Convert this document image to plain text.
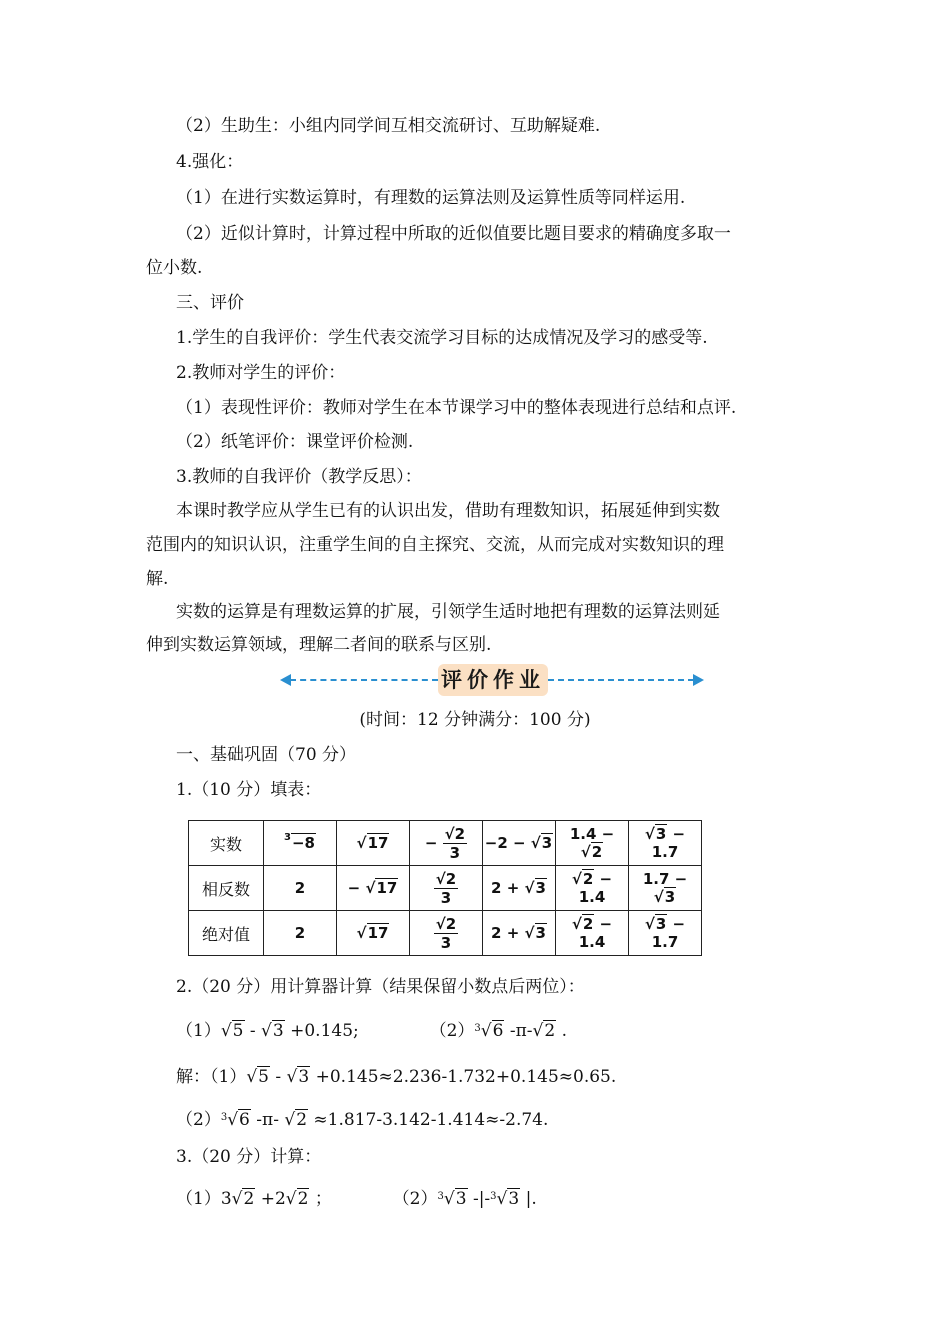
（2）生助生：小组内同学间互相交流研讨、互助解疑难.
4.强化：
（1）在进行实数运算时，有理数的运算法则及运算性质等同样运用.
（2）近似计算时，计算过程中所取的近似值要比题目要求的精确度多取一
位小数.
三、评价
1.学生的自我评价：学生代表交流学习目标的达成情况及学习的感受等.
2.教师对学生的评价：
（1）表现性评价：教师对学生在本节课学习中的整体表现进行总结和点评.
（2）纸笔评价：课堂评价检测.
3.教师的自我评价（教学反思）：
本课时教学应从学生已有的认识出发，借助有理数知识，拓展延伸到实数
范围内的知识认识，注重学生间的自主探究、交流，从而完成对实数知识的理
解.
实数的运算是有理数运算的扩展，引领学生适时地把有理数的运算法则延
伸到实数运算领域，理解二者间的联系与区别.
评价作业
(时间：12 分钟满分：100 分)
一、基础巩固（70 分）
1.（10 分）填表：
实数	$^3$−8	√17	− $\frac{√2}{3}$	−2 − √3	1.4 − √2	√3 − 1.7
相反数	2	− √17	$\frac{√2}{3}$	2 + √3	√2 − 1.4	1.7 − √3
绝对值	2	√17	$\frac{√2}{3}$	2 + √3	√2 − 1.4	√3 − 1.7
2.（20 分）用计算器计算（结果保留小数点后两位）：
（1）√5 - √3 +0.145;	$(2)^3√6$ -π-√2 .
解：（1）√5 - √3 +0.145≈2.236-1.732+0.145≈0.65.
$(2)^3√6$ -π- √2 ≈1.817-3.142-1.414≈-2.74.
3.（20 分）计算：
（1）3√2 +2√2 ；	$(2)^3√3$ -|-$^3$√3 |.
